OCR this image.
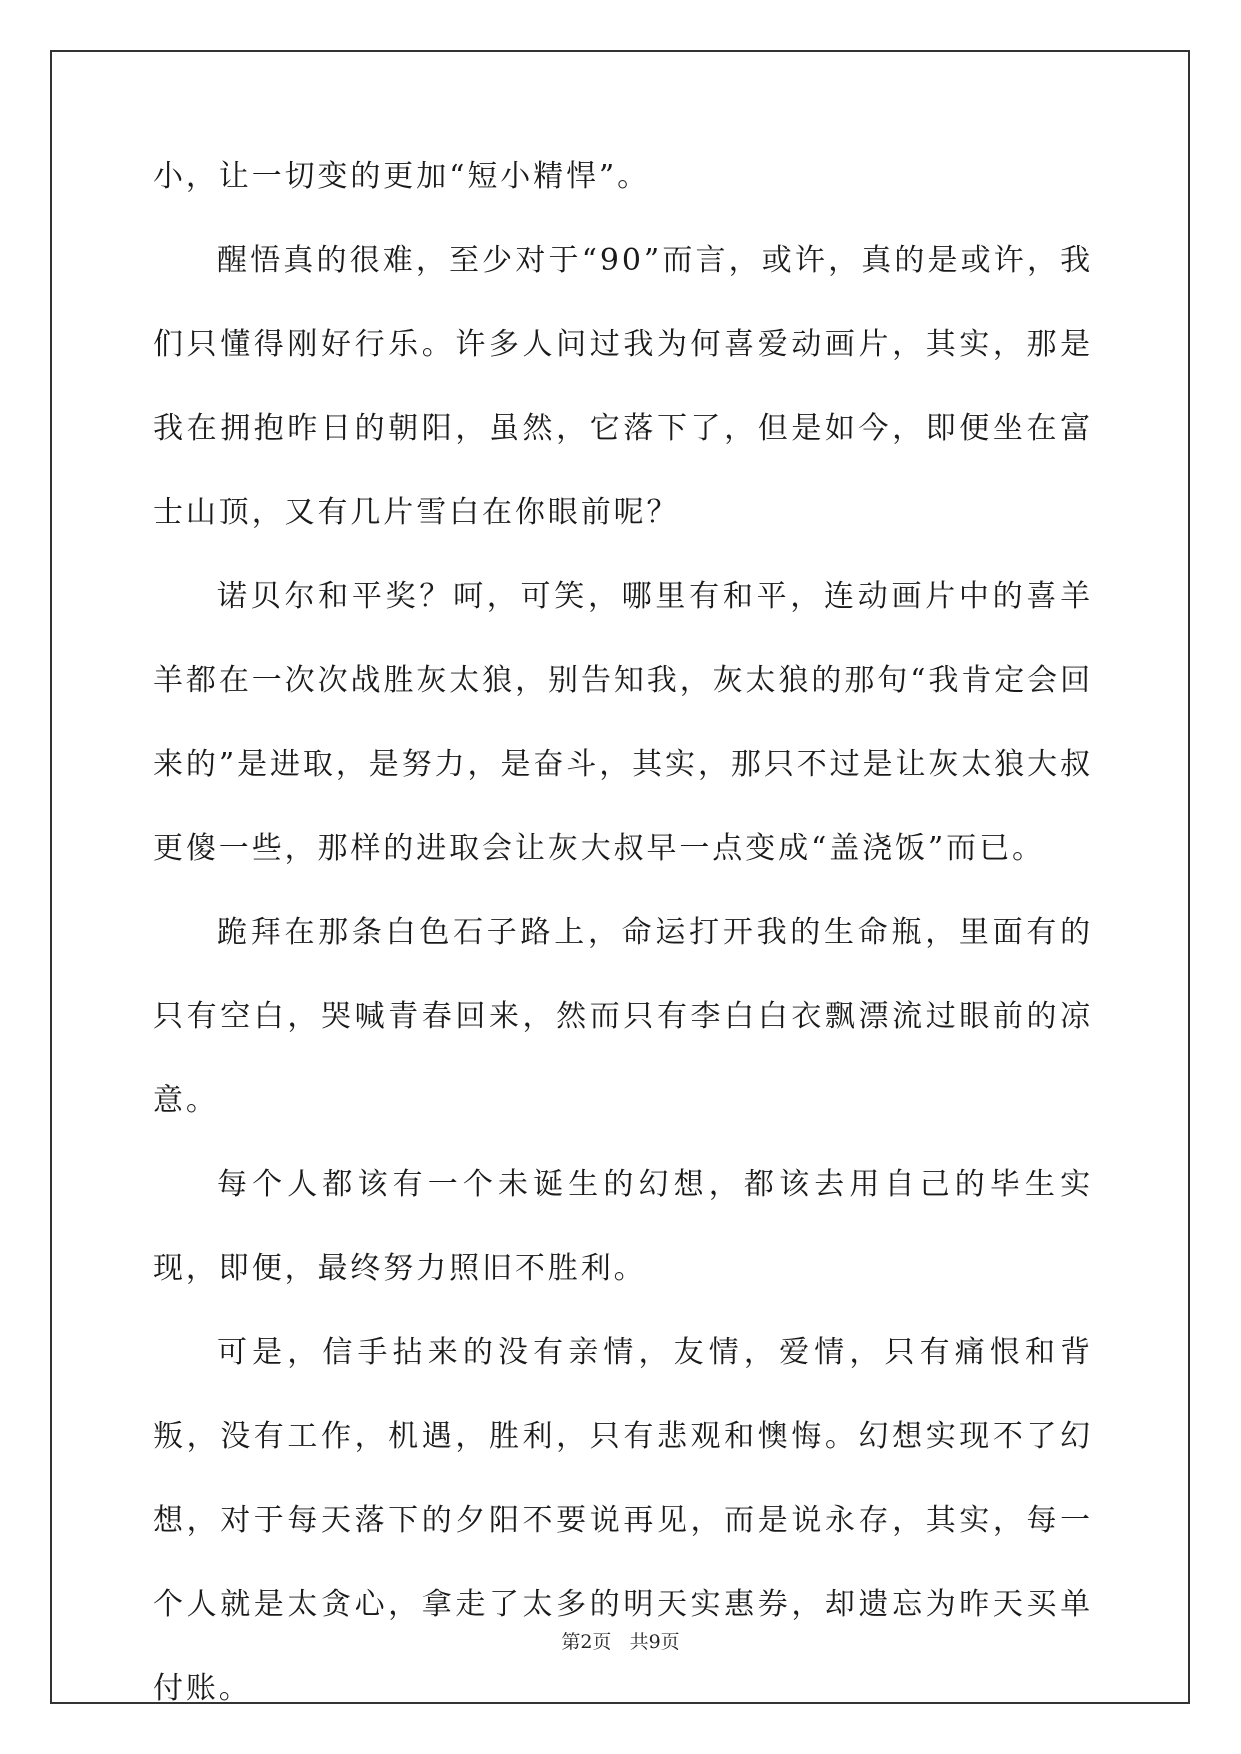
小，让一切变的更加“短小精悍”。

醒悟真的很难，至少对于“90”而言，或许，真的是或许，我们只懂得刚好行乐。许多人问过我为何喜爱动画片，其实，那是我在拥抱昨日的朝阳，虽然，它落下了，但是如今，即便坐在富士山顶，又有几片雪白在你眼前呢？

诺贝尔和平奖？呵，可笑，哪里有和平，连动画片中的喜羊羊都在一次次战胜灰太狼，别告知我，灰太狼的那句“我肯定会回来的”是进取，是努力，是奋斗，其实，那只不过是让灰太狼大叔更傻一些，那样的进取会让灰大叔早一点变成“盖浇饭”而已。

跪拜在那条白色石子路上，命运打开我的生命瓶，里面有的只有空白，哭喊青春回来，然而只有李白白衣飘漂流过眼前的凉意。

每个人都该有一个未诞生的幻想，都该去用自己的毕生实现，即便，最终努力照旧不胜利。

可是，信手拈来的没有亲情，友情，爱情，只有痛恨和背叛，没有工作，机遇，胜利，只有悲观和懊悔。幻想实现不了幻想，对于每天落下的夕阳不要说再见，而是说永存，其实，每一个人就是太贪心，拿走了太多的明天实惠券，却遗忘为昨天买单付账。

第2页 共9页
